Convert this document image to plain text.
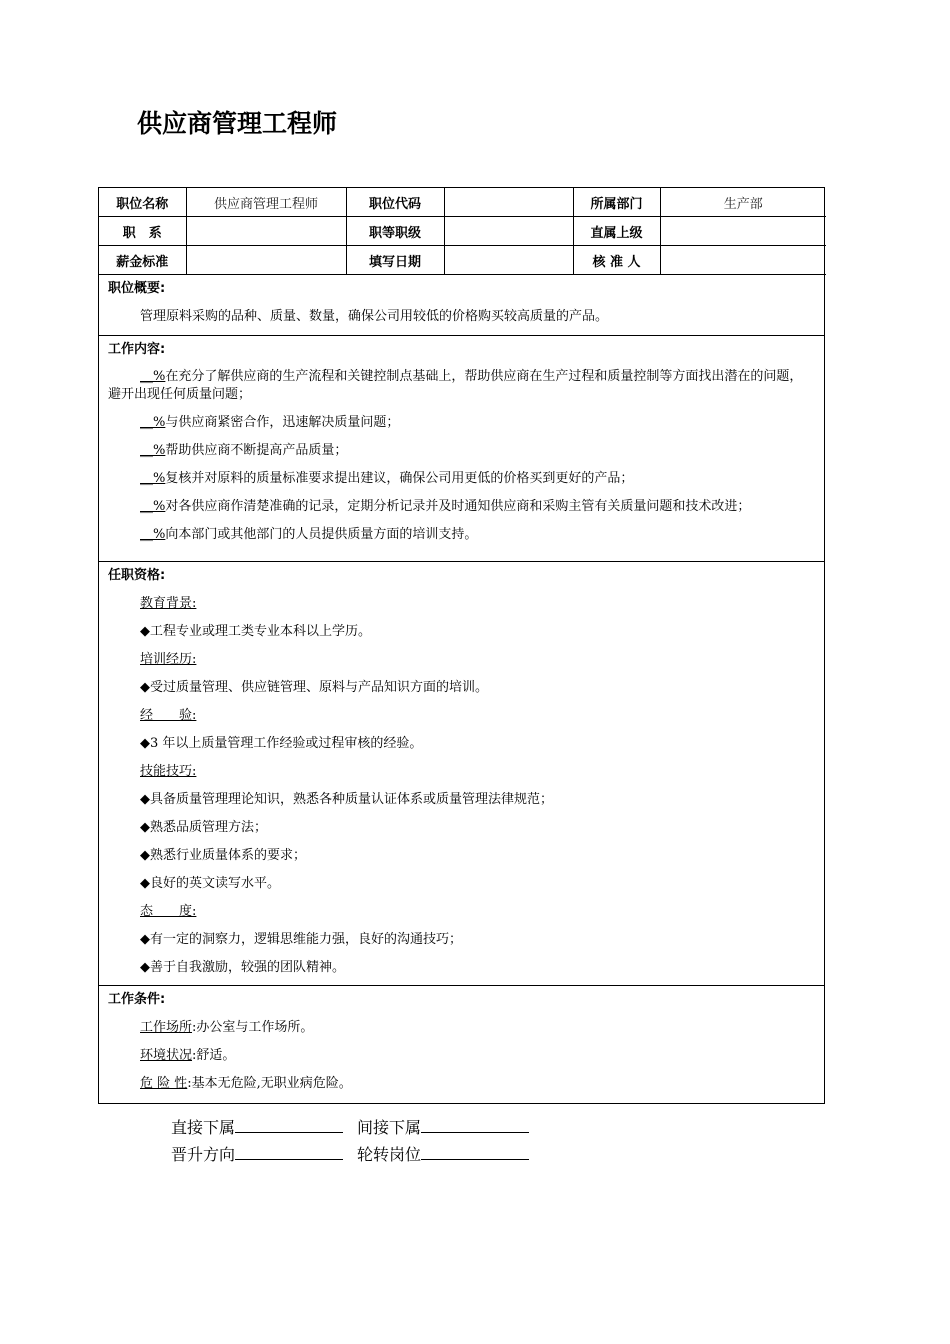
供应商管理工程师
职位名称	供应商管理工程师	职位代码		所属部门	生产部
职　系		职等职级		直属上级	
薪金标准		填写日期		核 准 人	
职位概要:
管理原料采购的品种、质量、数量，确保公司用较低的价格购买较高质量的产品。
工作内容:
__%在充分了解供应商的生产流程和关键控制点基础上，帮助供应商在生产过程和质量控制等方面找出潜在的问题，避开出现任何质量问题；
__%与供应商紧密合作，迅速解决质量问题；
__%帮助供应商不断提高产品质量；
__%复核并对原料的质量标准要求提出建议，确保公司用更低的价格买到更好的产品；
__%对各供应商作清楚准确的记录，定期分析记录并及时通知供应商和采购主管有关质量问题和技术改进；
__%向本部门或其他部门的人员提供质量方面的培训支持。
任职资格:
教育背景:
◆工程专业或理工类专业本科以上学历。
培训经历:
◆受过质量管理、供应链管理、原料与产品知识方面的培训。
经　　验:
◆3 年以上质量管理工作经验或过程审核的经验。
技能技巧:
◆具备质量管理理论知识，熟悉各种质量认证体系或质量管理法律规范；
◆熟悉品质管理方法；
◆熟悉行业质量体系的要求；
◆良好的英文读写水平。
态　　度:
◆有一定的洞察力，逻辑思维能力强，良好的沟通技巧；
◆善于自我激励，较强的团队精神。
工作条件:
工作场所:办公室与工作场所。
环境状况:舒适。
危 险 性:基本无危险,无职业病危险。
直接下属	间接下属
晋升方向	轮转岗位
